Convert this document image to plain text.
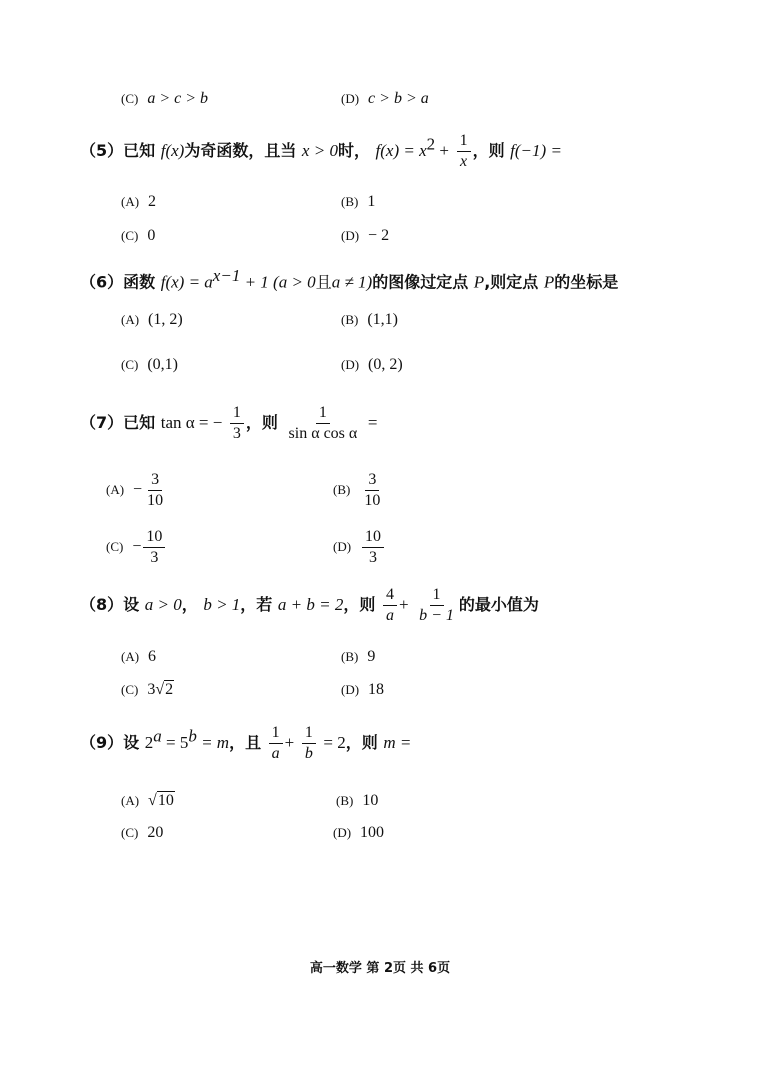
(C) a > c > b	(D) c > b > a
（5）已知 f(x)为奇函数，且当 x > 0时， $f(x) = x^2 + \frac{1}{x}$ ，则 f(−1) =
(A) 2	(B) 1
(C) 0	(D) − 2
（6）函数 $f(x) = a^{x-1} + 1$ (a > 0且a ≠ 1)的图像过定点 P,则定点 P的坐标是
(A) (1, 2)	(B) (1,1)
(C) (0,1)	(D) (0, 2)
（7）已知 tan α = − $\frac{1}{3}$ ，则 $\frac{1}{\text{sin α cos α}}$ =
$(A) - \frac{3}{10}$	$(B) \frac{3}{10}$
$(C) - \frac{10}{3}$	$(D) \frac{10}{3}$
（8）设 a > 0， b > 1，若 a + b = 2，则 $\frac{4}{a} + \frac{1}{b - 1}$ 的最小值为
(A) 6	(B) 9
(C) 3√2	(D) 18
（9）设 $2^a = 5^b = m$，且 $\frac{1}{a} + \frac{1}{b} = 2$，则 m =
(A) √10	(B) 10
(C) 20	(D) 100
高一数学 第 2页 共 6页
